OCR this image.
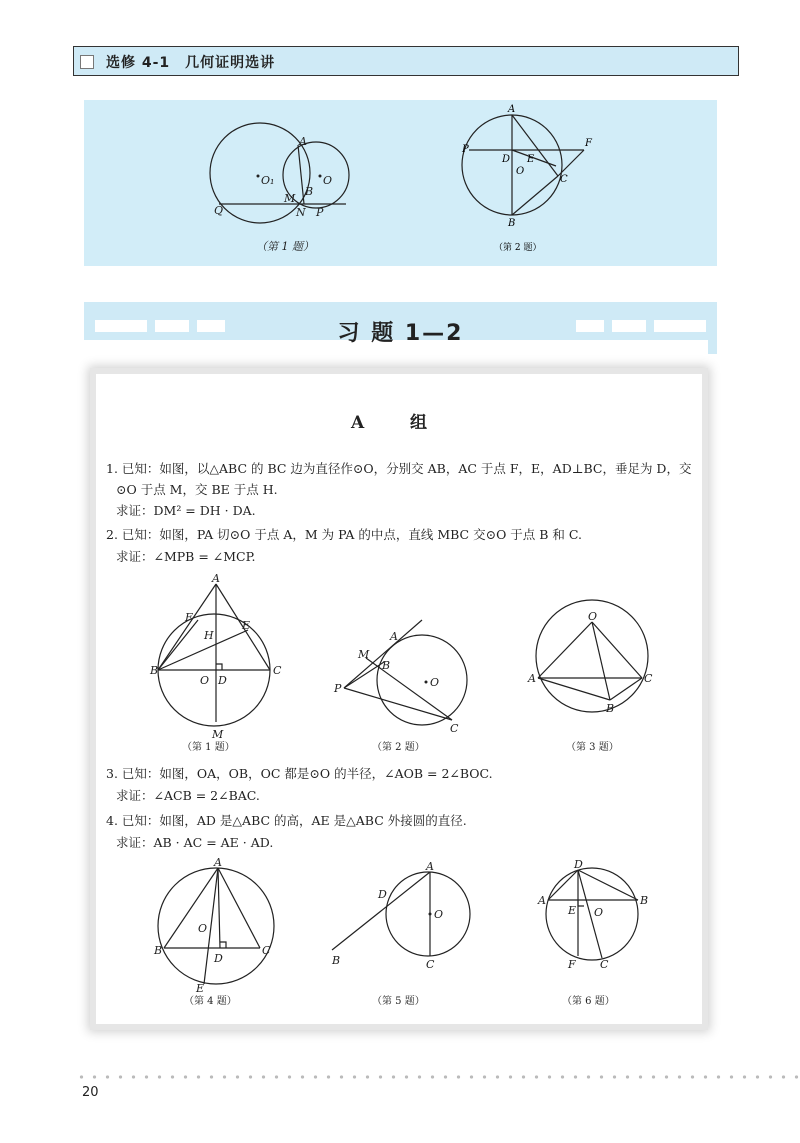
选修 4-1　几何证明选讲
A
O₁	O
M
B
Q	N P
（第 1 题）
A
P
D E
F
O
C
B
（第 2 题）
习 题 1—2
A 组
1. 已知：如图，以△ABC 的 BC 边为直径作⊙O，分别交 AB，AC 于点 F，E，AD⊥BC，垂足为 D，交
⊙O 于点 M，交 BE 于点 H.
求证：DM² = DH · DA.
2. 已知：如图，PA 切⊙O 于点 A，M 为 PA 的中点，直线 MBC 交⊙O 于点 B 和 C.
求证：∠MPB = ∠MCP.
A
F
E
H
B	C
O D
M
（第 1 题）
A
M
B
P	O
C
（第 2 题）
O
A	C
B
（第 3 题）
3. 已知：如图，OA，OB，OC 都是⊙O 的半径，∠AOB = 2∠BOC.
求证：∠ACB = 2∠BAC.
4. 已知：如图，AD 是△ABC 的高，AE 是△ABC 外接圆的直径.
求证：AB · AC = AE · AD.
A
O
B
D
C
E
（第 4 题）
A
D
O
B	C
（第 5 题）
D
A
E O
B
F C
（第 6 题）
20
